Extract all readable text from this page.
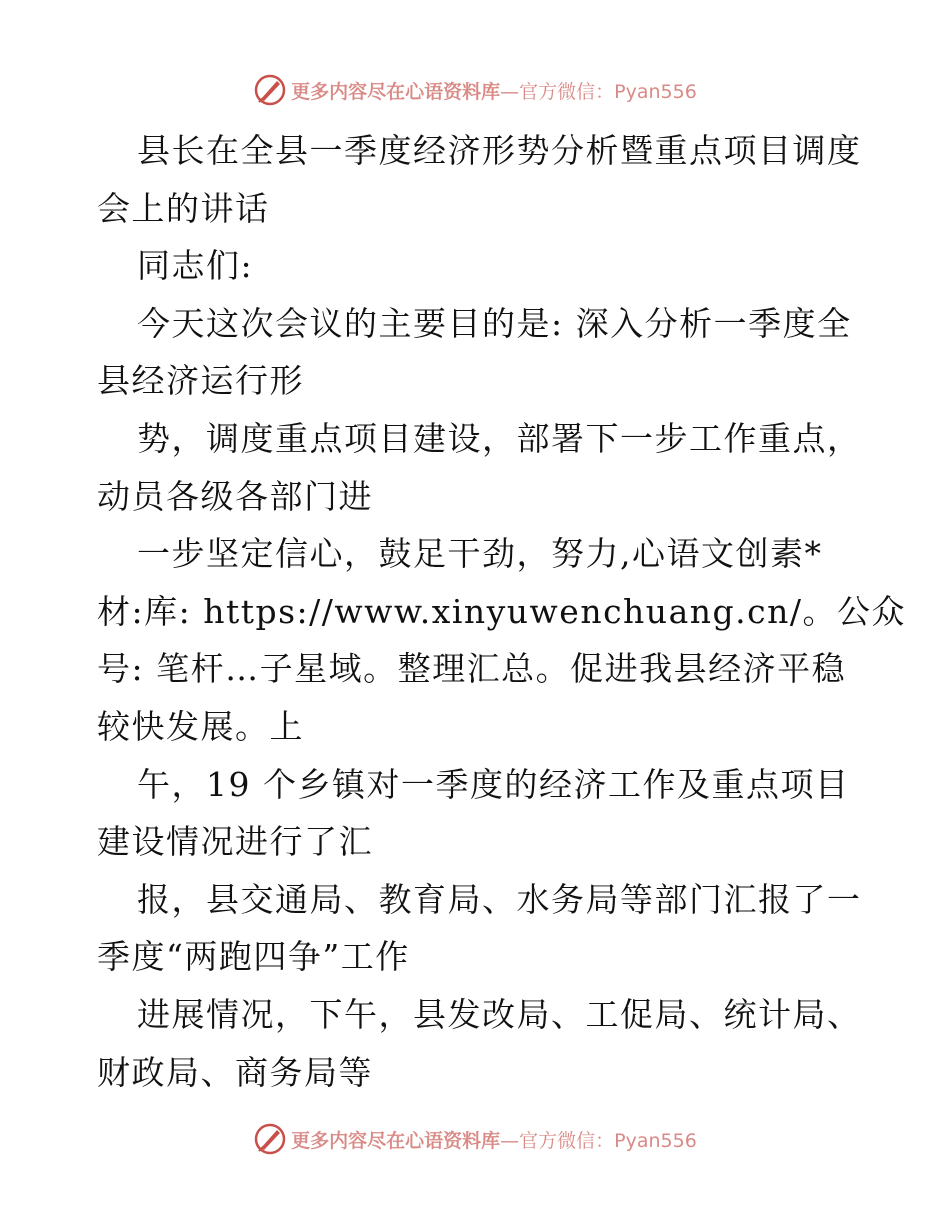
更多内容尽在心语资料库 —官方微信：Pyan556
县长在全县一季度经济形势分析暨重点项目调度
会上的讲话
同志们:
今天这次会议的主要目的是: 深入分析一季度全
县经济运行形
势，调度重点项目建设，部署下一步工作重点，
动员各级各部门进
一步坚定信心，鼓足干劲，努力,心语文创素*
材:库: https://www.xinyuwenchuang.cn/。公众
号: 笔杆…子星域。整理汇总。促进我县经济平稳
较快发展。上
午，19 个乡镇对一季度的经济工作及重点项目
建设情况进行了汇
报，县交通局、教育局、水务局等部门汇报了一
季度“两跑四争”工作
进展情况，下午，县发改局、工促局、统计局、
财政局、商务局等
更多内容尽在心语资料库 —官方微信：Pyan556
